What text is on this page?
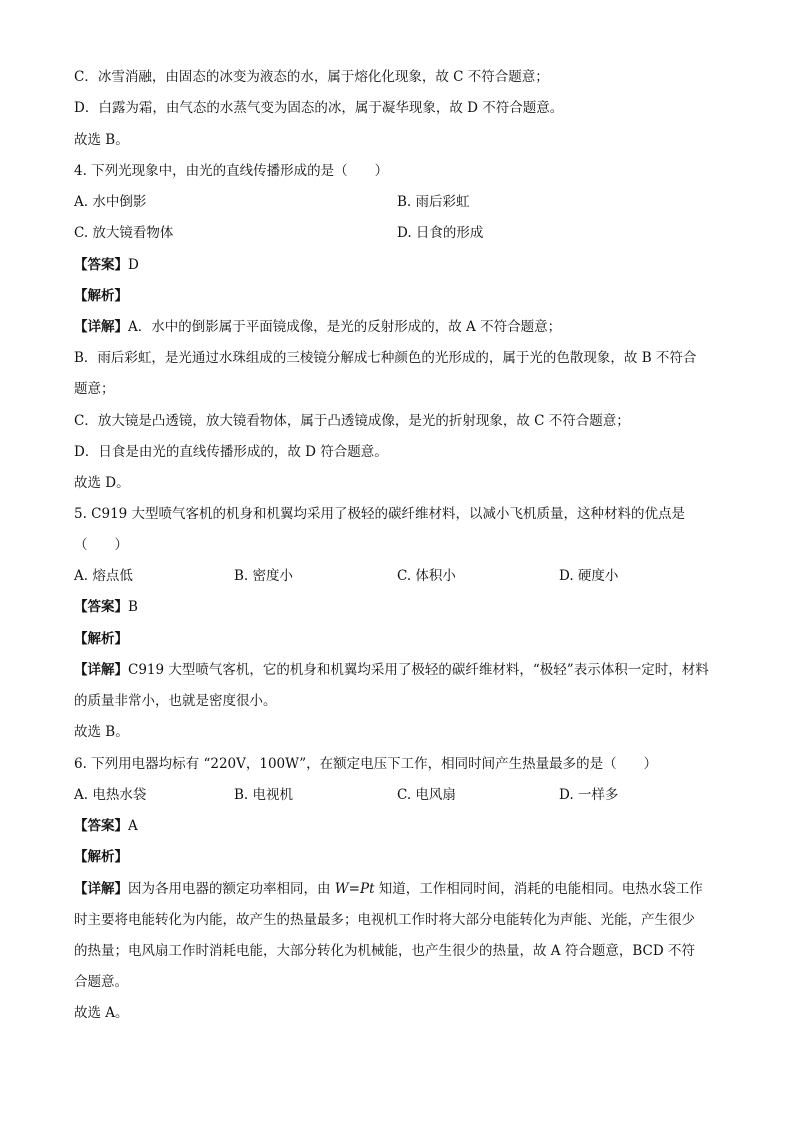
C．冰雪消融，由固态的冰变为液态的水，属于熔化化现象，故 C 不符合题意；
D．白露为霜，由气态的水蒸气变为固态的冰，属于凝华现象，故 D 不符合题意。
故选 B。
4. 下列光现象中，由光的直线传播形成的是（　　）
A. 水中倒影	B. 雨后彩虹
C. 放大镜看物体	D. 日食的形成
【答案】D
【解析】
【详解】A．水中的倒影属于平面镜成像，是光的反射形成的，故 A 不符合题意；
B．雨后彩虹，是光通过水珠组成的三棱镜分解成七种颜色的光形成的，属于光的色散现象，故 B 不符合
题意；
C．放大镜是凸透镜，放大镜看物体，属于凸透镜成像，是光的折射现象，故 C 不符合题意；
D．日食是由光的直线传播形成的，故 D 符合题意。
故选 D。
5. C919 大型喷气客机的机身和机翼均采用了极轻的碳纤维材料，以减小飞机质量，这种材料的优点是
（　　）
A. 熔点低	B. 密度小	C. 体积小	D. 硬度小
【答案】B
【解析】
【详解】C919 大型喷气客机，它的机身和机翼均采用了极轻的碳纤维材料，“极轻”表示体积一定时，材料
的质量非常小，也就是密度很小。
故选 B。
6. 下列用电器均标有 “220V，100W”，在额定电压下工作，相同时间产生热量最多的是（　　）
A. 电热水袋	B. 电视机	C. 电风扇	D. 一样多
【答案】A
【解析】
【详解】因为各用电器的额定功率相同，由 W=Pt 知道，工作相同时间，消耗的电能相同。电热水袋工作
时主要将电能转化为内能，故产生的热量最多；电视机工作时将大部分电能转化为声能、光能，产生很少
的热量；电风扇工作时消耗电能，大部分转化为机械能，也产生很少的热量，故 A 符合题意，BCD 不符
合题意。
故选 A。
